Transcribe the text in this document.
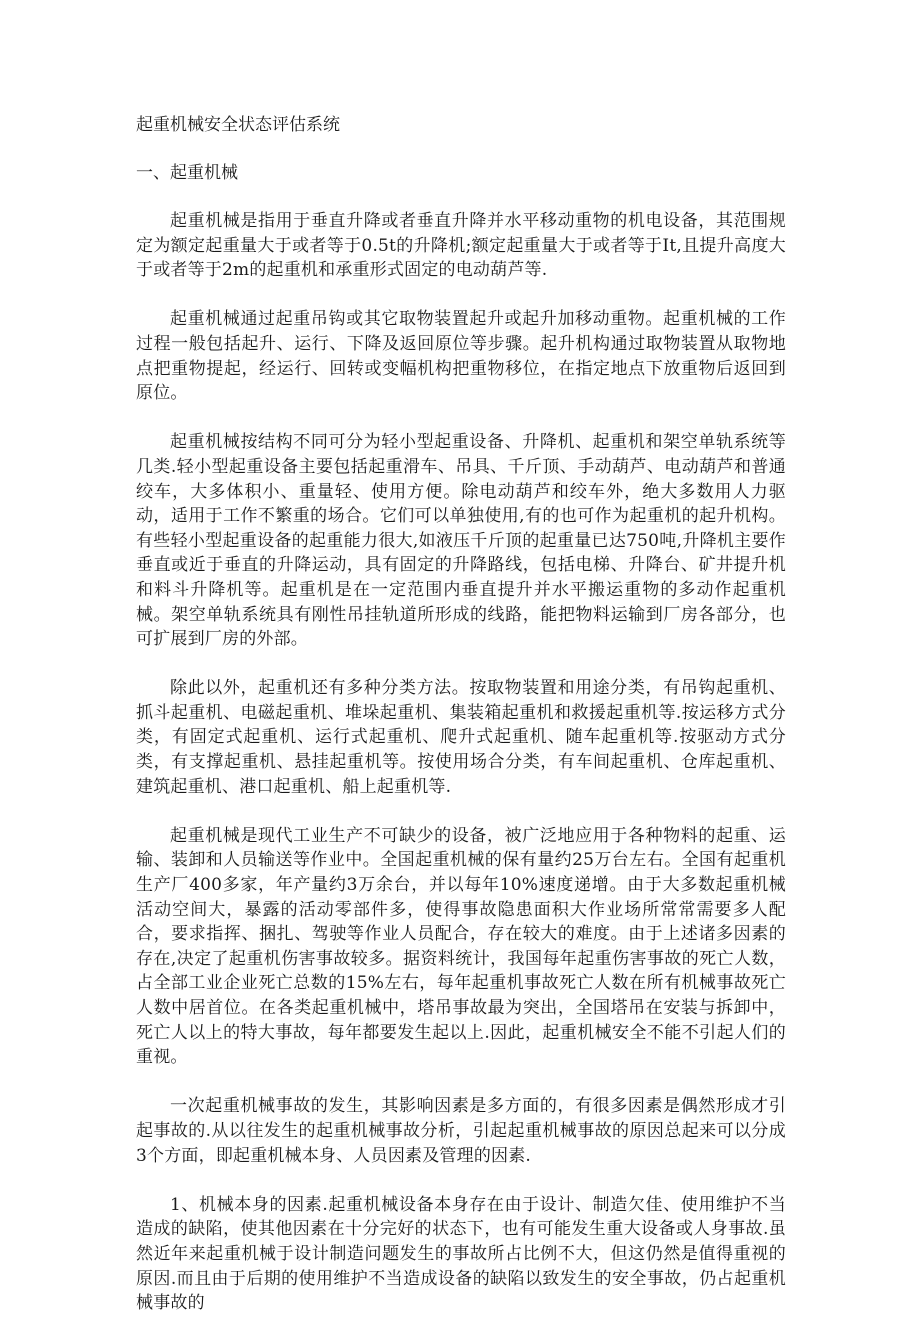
起重机械安全状态评估系统
一、起重机械

起重机械是指用于垂直升降或者垂直升降并水平移动重物的机电设备，其范围规定为额定起重量大于或者等于0.5t的升降机;额定起重量大于或者等于It,且提升高度大于或者等于2m的起重机和承重形式固定的电动葫芦等.

起重机械通过起重吊钩或其它取物装置起升或起升加移动重物。起重机械的工作过程一般包括起升、运行、下降及返回原位等步骤。起升机构通过取物装置从取物地点把重物提起，经运行、回转或变幅机构把重物移位，在指定地点下放重物后返回到原位。

起重机械按结构不同可分为轻小型起重设备、升降机、起重机和架空单轨系统等几类.轻小型起重设备主要包括起重滑车、吊具、千斤顶、手动葫芦、电动葫芦和普通绞车，大多体积小、重量轻、使用方便。除电动葫芦和绞车外，绝大多数用人力驱动，适用于工作不繁重的场合。它们可以单独使用,有的也可作为起重机的起升机构。有些轻小型起重设备的起重能力很大,如液压千斤顶的起重量已达750吨,升降机主要作垂直或近于垂直的升降运动，具有固定的升降路线，包括电梯、升降台、矿井提升机和料斗升降机等。起重机是在一定范围内垂直提升并水平搬运重物的多动作起重机械。架空单轨系统具有刚性吊挂轨道所形成的线路，能把物料运输到厂房各部分，也可扩展到厂房的外部。

除此以外，起重机还有多种分类方法。按取物装置和用途分类，有吊钩起重机、抓斗起重机、电磁起重机、堆垛起重机、集装箱起重机和救援起重机等.按运移方式分类，有固定式起重机、运行式起重机、爬升式起重机、随车起重机等.按驱动方式分类，有支撑起重机、悬挂起重机等。按使用场合分类，有车间起重机、仓库起重机、建筑起重机、港口起重机、船上起重机等.

起重机械是现代工业生产不可缺少的设备，被广泛地应用于各种物料的起重、运输、装卸和人员输送等作业中。全国起重机械的保有量约25万台左右。全国有起重机生产厂400多家，年产量约3万余台，并以每年10%速度递增。由于大多数起重机械活动空间大，暴露的活动零部件多，使得事故隐患面积大作业场所常常需要多人配合，要求指挥、捆扎、驾驶等作业人员配合，存在较大的难度。由于上述诸多因素的存在,决定了起重机伤害事故较多。据资料统计，我国每年起重伤害事故的死亡人数，占全部工业企业死亡总数的15%左右，每年起重机事故死亡人数在所有机械事故死亡人数中居首位。在各类起重机械中，塔吊事故最为突出，全国塔吊在安装与拆卸中，死亡人以上的特大事故，每年都要发生起以上.因此，起重机械安全不能不引起人们的重视。

一次起重机械事故的发生，其影响因素是多方面的，有很多因素是偶然形成才引起事故的.从以往发生的起重机械事故分析，引起起重机械事故的原因总起来可以分成3个方面，即起重机械本身、人员因素及管理的因素.

1、机械本身的因素.起重机械设备本身存在由于设计、制造欠佳、使用维护不当造成的缺陷，使其他因素在十分完好的状态下，也有可能发生重大设备或人身事故.虽然近年来起重机械于设计制造问题发生的事故所占比例不大，但这仍然是值得重视的原因.而且由于后期的使用维护不当造成设备的缺陷以致发生的安全事故，仍占起重机械事故的
